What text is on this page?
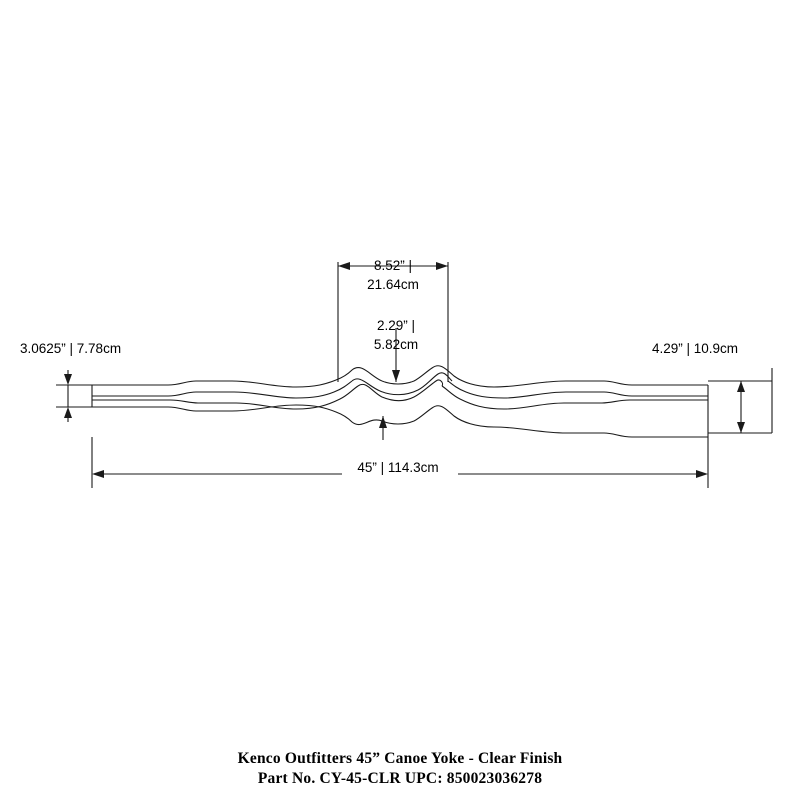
3.0625” | 7.78cm	4.29” | 10.9cm
45” | 114.3cm
8.52” |
21.64cm
2.29” |
5.82cm
Kenco Outfitters 45” Canoe Yoke - Clear Finish
Part No. CY-45-CLR UPC: 850023036278
